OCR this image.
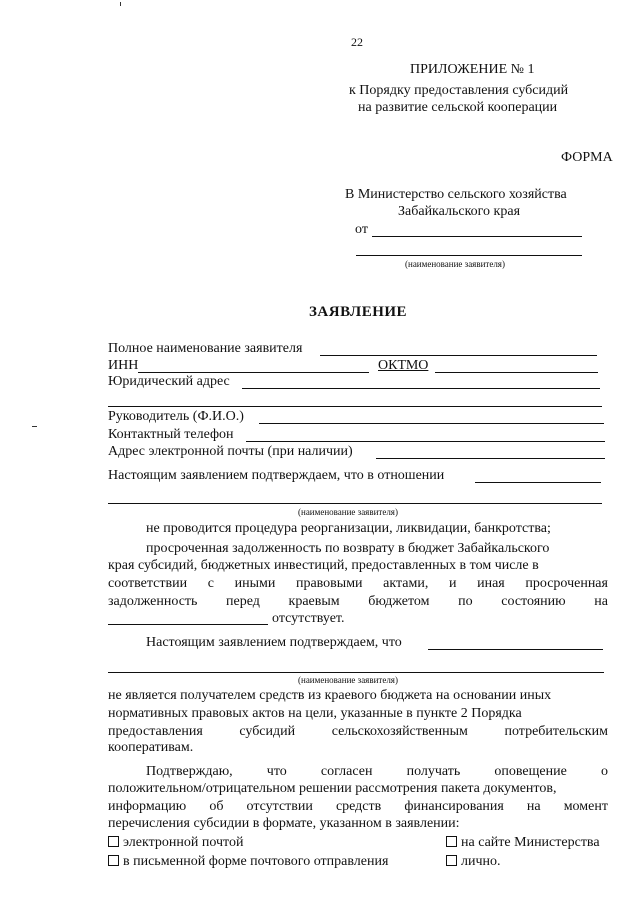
22
ПРИЛОЖЕНИЕ № 1
к Порядку предоставления субсидий
на развитие сельской кооперации
ФОРМА
В Министерство сельского хозяйства
Забайкальского края
от
(наименование заявителя)
ЗАЯВЛЕНИЕ
Полное наименование заявителя
ИНН	ОКТМО
Юридический адрес
Руководитель (Ф.И.О.)
Контактный телефон
Адрес электронной почты (при наличии)
Настоящим заявлением подтверждаем, что в отношении
(наименование заявителя)
не проводится процедура реорганизации, ликвидации, банкротства;
просроченная задолженность по возврату в бюджет Забайкальского
края субсидий, бюджетных инвестиций, предоставленных в том числе в
соответствии с иными правовыми актами, и иная просроченная
задолженность перед краевым бюджетом по состоянию на
отсутствует.
Настоящим заявлением подтверждаем, что
(наименование заявителя)
не является получателем средств из краевого бюджета на основании иных
нормативных правовых актов на цели, указанные в пункте 2 Порядка
предоставления	субсидий	сельскохозяйственным	потребительским
кооперативам.
Подтверждаю, что согласен получать оповещение о
положительном/отрицательном решении рассмотрения пакета документов,
информацию об отсутствии средств финансирования на момент
перечисления субсидии в формате, указанном в заявлении:
электронной почтой	на сайте Министерства
в письменной форме почтового отправления	лично.
